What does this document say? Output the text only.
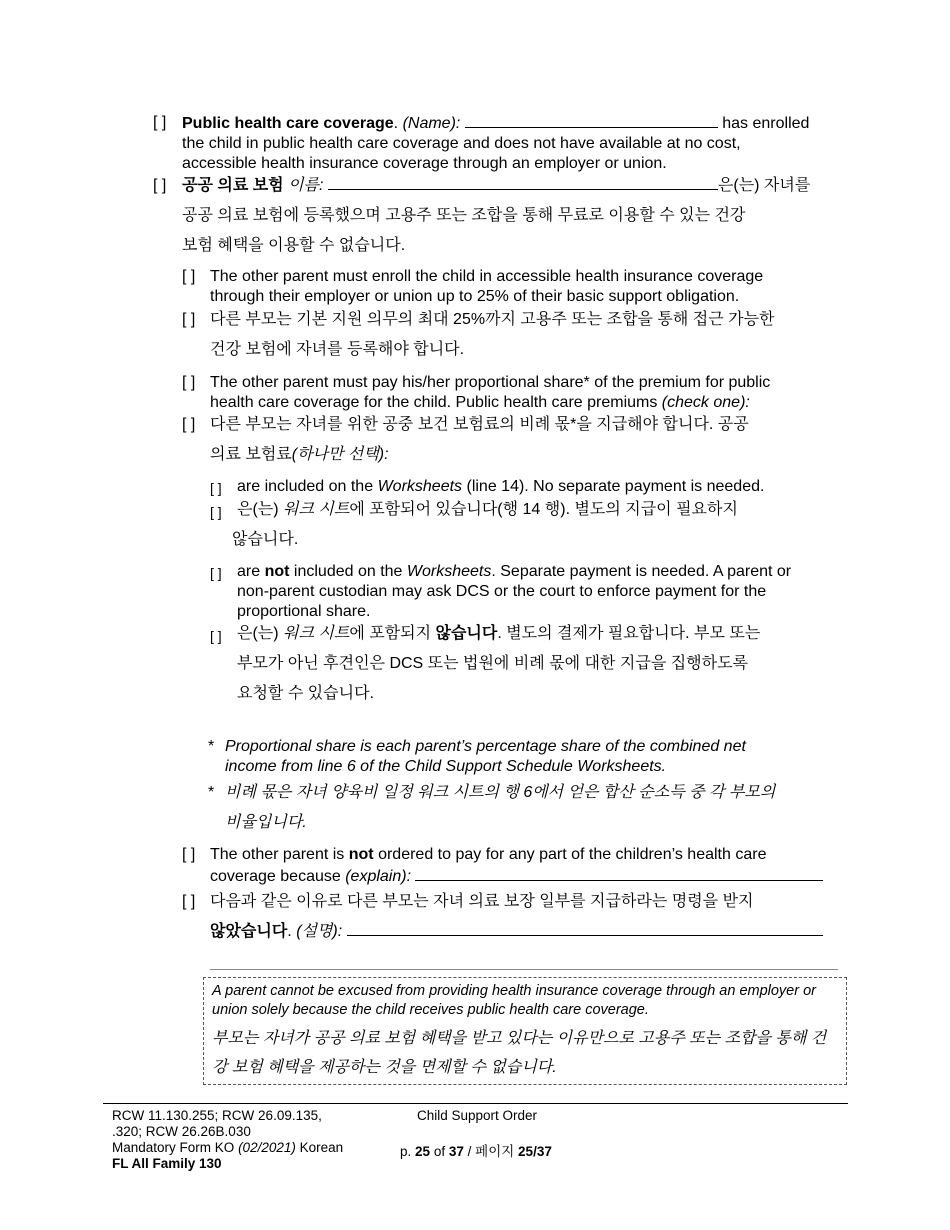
[ ] Public health care coverage. (Name):	has enrolled
the child in public health care coverage and does not have available at no cost,
accessible health insurance coverage through an employer or union.
[ ] 공공 의료 보험 이름:	은(는) 자녀를
공공 의료 보험에 등록했으며 고용주 또는 조합을 통해 무료로 이용할 수 있는 건강
보험 혜택을 이용할 수 없습니다.
[ ] The other parent must enroll the child in accessible health insurance coverage
through their employer or union up to 25% of their basic support obligation.
[ ] 다른 부모는 기본 지원 의무의 최대 25%까지 고용주 또는 조합을 통해 접근 가능한
건강 보험에 자녀를 등록해야 합니다.
[ ] The other parent must pay his/her proportional share* of the premium for public
health care coverage for the child. Public health care premiums (check one):
[ ] 다른 부모는 자녀를 위한 공중 보건 보험료의 비례 몫*을 지급해야 합니다. 공공
의료 보험료(하나만 선택):
[ ] are included on the Worksheets (line 14). No separate payment is needed.
[ ] 은(는) 워크 시트에 포함되어 있습니다(행 14 행). 별도의 지급이 필요하지
않습니다.
[ ] are not included on the Worksheets. Separate payment is needed. A parent or
non-parent custodian may ask DCS or the court to enforce payment for the
proportional share.
[ ] 은(는) 워크 시트에 포함되지 않습니다. 별도의 결제가 필요합니다. 부모 또는
부모가 아닌 후견인은 DCS 또는 법원에 비례 몫에 대한 지급을 집행하도록
요청할 수 있습니다.
* Proportional share is each parent’s percentage share of the combined net
income from line 6 of the Child Support Schedule Worksheets.
* 비례 몫은 자녀 양육비 일정 워크 시트의 행 6에서 얻은 합산 순소득 중 각 부모의
비율입니다.
[ ] The other parent is not ordered to pay for any part of the children’s health care
coverage because (explain):
[ ] 다음과 같은 이유로 다른 부모는 자녀 의료 보장 일부를 지급하라는 명령을 받지
않았습니다. (설명):
A parent cannot be excused from providing health insurance coverage through an employer or union solely because the child receives public health care coverage.
부모는 자녀가 공공 의료 보험 혜택을 받고 있다는 이유만으로 고용주 또는 조합을 통해 건강 보험 혜택을 제공하는 것을 면제할 수 없습니다.
RCW 11.130.255; RCW 26.09.135,
.320; RCW 26.26B.030
Mandatory Form KO (02/2021) Korean
FL All Family 130
Child Support Order
p. 25 of 37 / 페이지 25/37
